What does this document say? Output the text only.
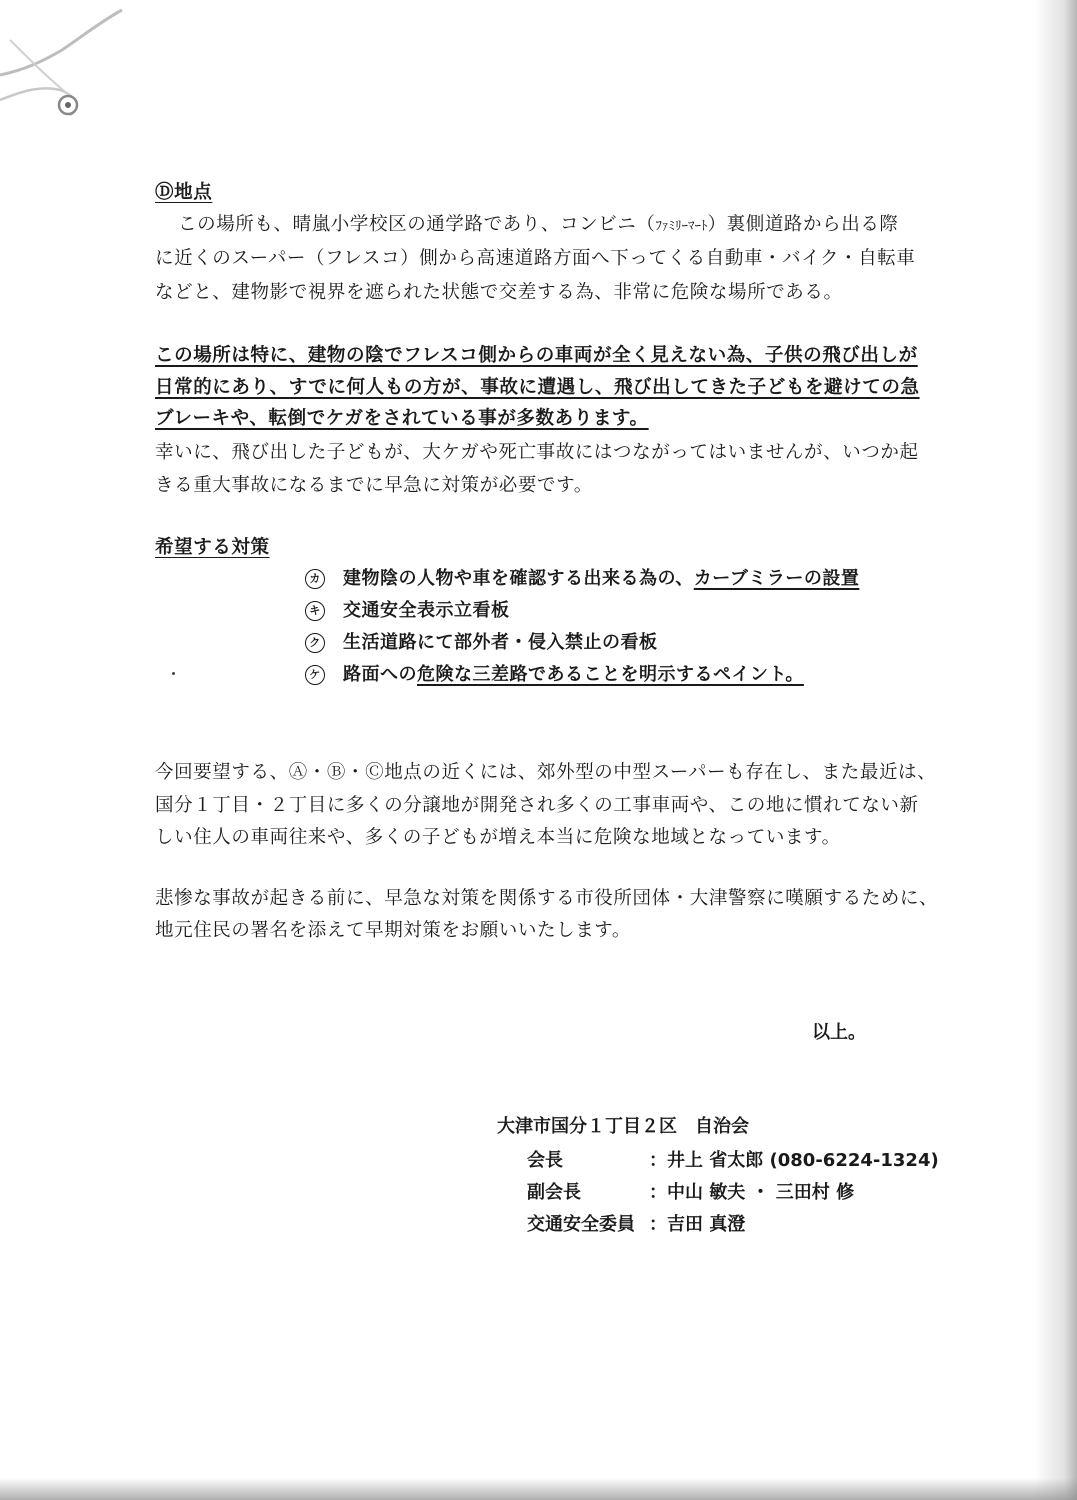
Ⓓ地点
この場所も、晴嵐小学校区の通学路であり、コンビニ（ﾌｧﾐﾘｰﾏｰﾄ）裏側道路から出る際
に近くのスーパー（フレスコ）側から高速道路方面へ下ってくる自動車・バイク・自転車
などと、建物影で視界を遮られた状態で交差する為、非常に危険な場所である。
この場所は特に、建物の陰でフレスコ側からの車両が全く見えない為、子供の飛び出しが
日常的にあり、すでに何人もの方が、事故に遭遇し、飛び出してきた子どもを避けての急
ブレーキや、転倒でケガをされている事が多数あります。
幸いに、飛び出した子どもが、大ケガや死亡事故にはつながってはいませんが、いつか起
きる重大事故になるまでに早急に対策が必要です。
希望する対策
カ 建物陰の人物や車を確認する出来る為の、カーブミラーの設置
キ 交通安全表示立看板
ク 生活道路にて部外者・侵入禁止の看板
ケ 路面への危険な三差路であることを明示するペイント。
今回要望する、Ⓐ・Ⓑ・Ⓒ地点の近くには、郊外型の中型スーパーも存在し、また最近は、
国分１丁目・２丁目に多くの分譲地が開発され多くの工事車両や、この地に慣れてない新
しい住人の車両往来や、多くの子どもが増え本当に危険な地域となっています。
悲惨な事故が起きる前に、早急な対策を関係する市役所団体・大津警察に嘆願するために、
地元住民の署名を添えて早期対策をお願いいたします。
以上。
大津市国分１丁目２区　自治会
会長	：井上 省太郎 (080-6224-1324)
副会長	：中山 敏夫 ・ 三田村 修
交通安全委員 ：吉田 真澄
